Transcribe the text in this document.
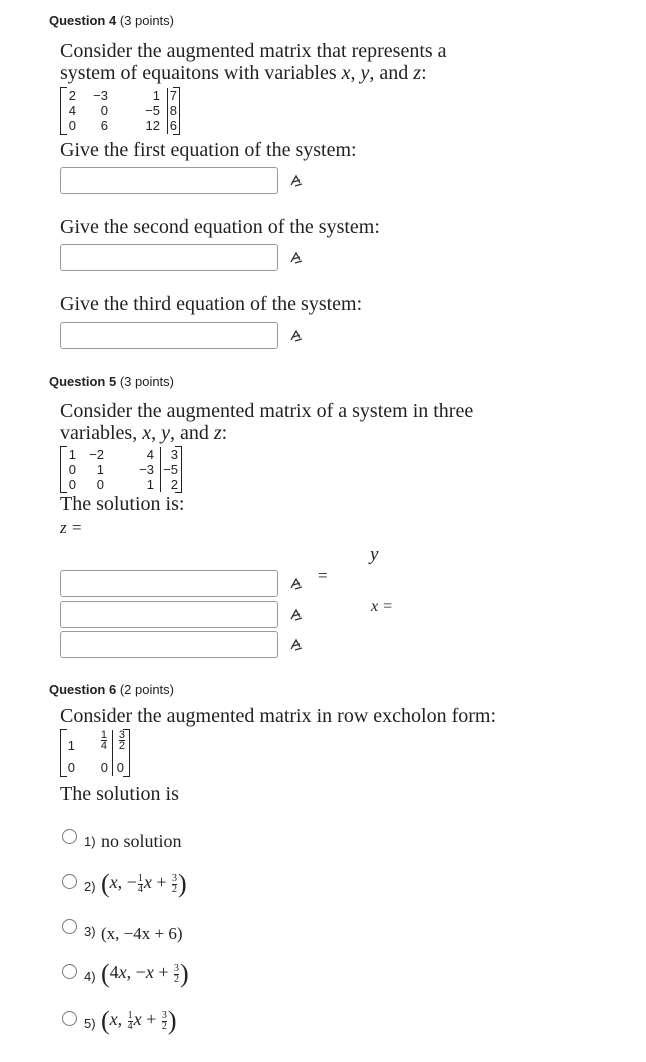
Question 4 (3 points)
Consider the augmented matrix that represents a
system of equaitons with variables x, y, and z:
2	−3	1 7
4	0	−5 8
0	6	12 6
Give the first equation of the system:
Give the second equation of the system:
Give the third equation of the system:
Question 5 (3 points)
Consider the augmented matrix of a system in three
variables, x, y, and z:
1	−2	4	3
0	1	−3 −5
0	0	1	2
The solution is:
z =
y
=
x =
Question 6 (2 points)
Consider the augmented matrix in row excholon form:
$1 \frac{1}{4} \frac{3}{2}$
0	0 0
The solution is
1) no solution
2) (x, − $\frac{1}{4}$ $x + \frac{3}{2}$ )
3) (x, −4x + 6)
4) (4x, $-x + \frac{3}{2}$ )
5) (x, $\frac{1}{4}$ $x + \frac{3}{2}$ )
